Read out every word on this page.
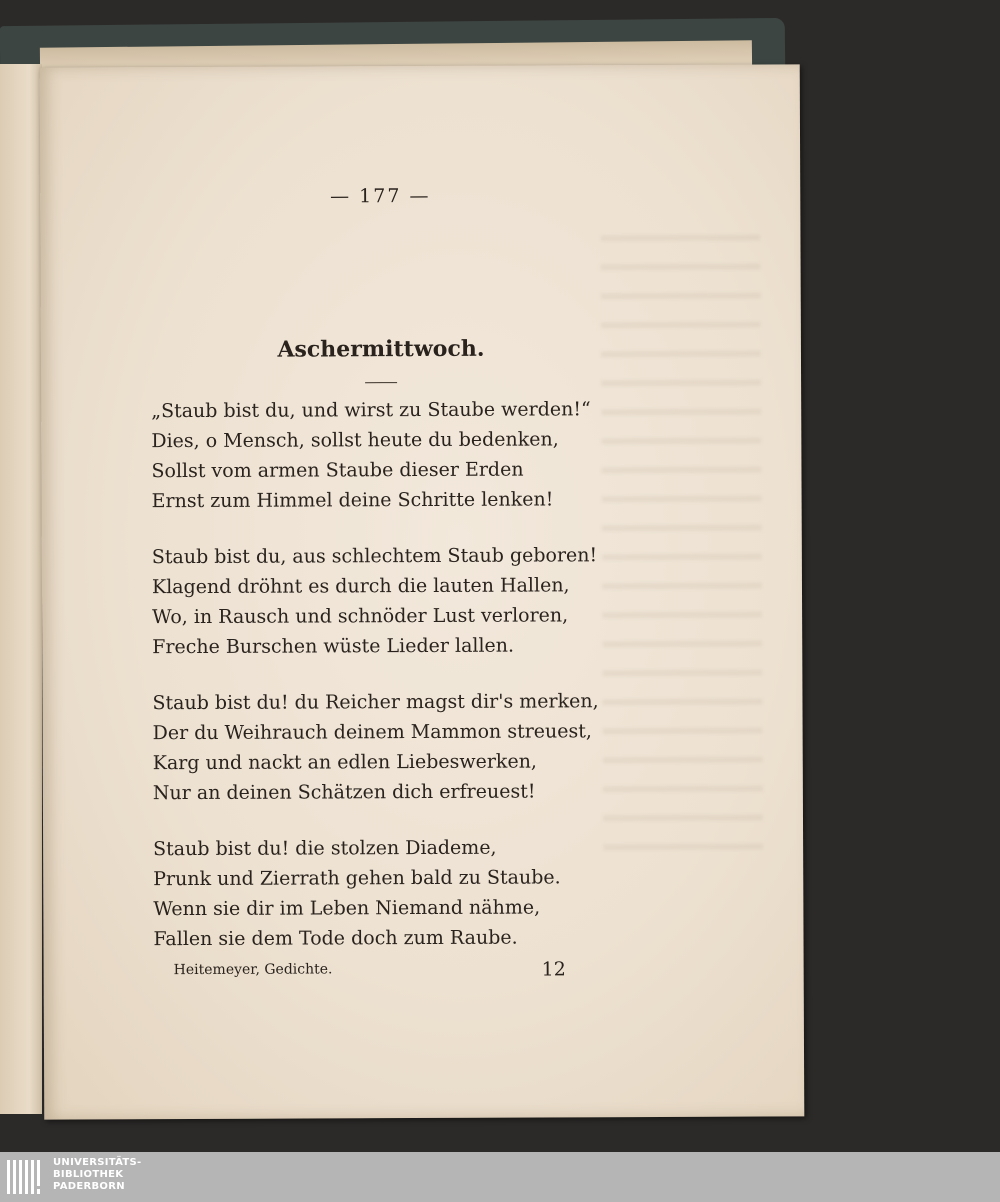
— 177 —
Aschermittwoch.
„Staub bist du, und wirst zu Staube werden!“
Dies, o Mensch, sollst heute du bedenken,
Sollst vom armen Staube dieser Erden
Ernst zum Himmel deine Schritte lenken!
Staub bist du, aus schlechtem Staub geboren!
Klagend dröhnt es durch die lauten Hallen,
Wo, in Rausch und schnöder Lust verloren,
Freche Burschen wüste Lieder lallen.
Staub bist du! du Reicher magst dir's merken,
Der du Weihrauch deinem Mammon streuest,
Karg und nackt an edlen Liebeswerken,
Nur an deinen Schätzen dich erfreuest!
Staub bist du! die stolzen Diademe,
Prunk und Zierrath gehen bald zu Staube.
Wenn sie dir im Leben Niemand nähme,
Fallen sie dem Tode doch zum Raube.
Heitemeyer, Gedichte.	12
UNIVERSITÄTS-
BIBLIOTHEK
PADERBORN
